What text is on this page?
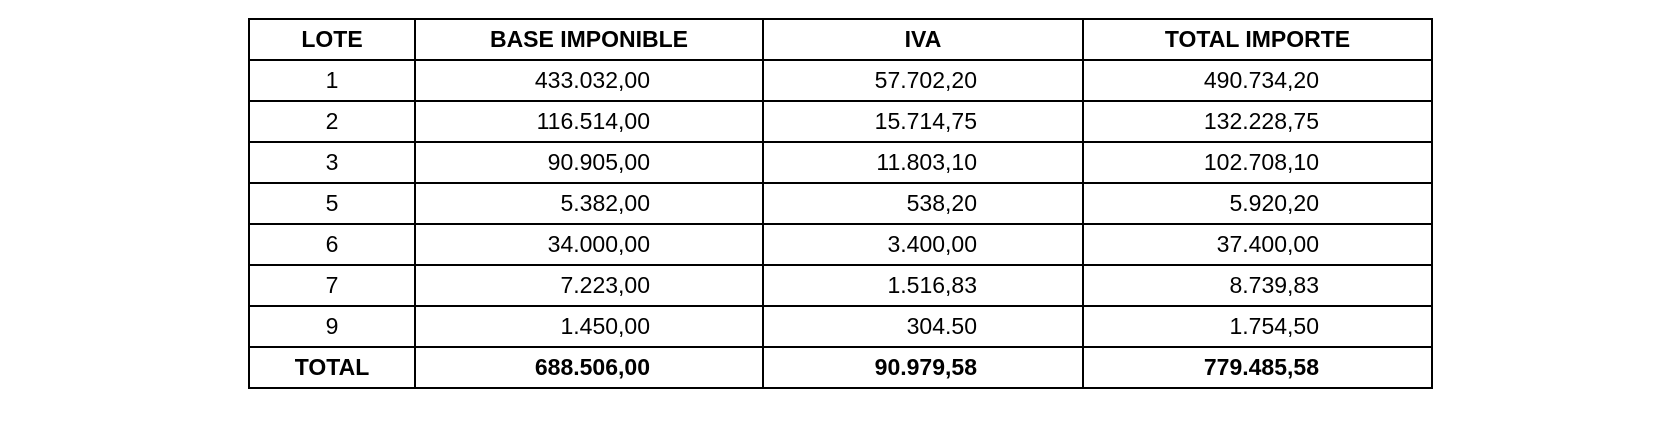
LOTE	BASE IMPONIBLE	IVA	TOTAL IMPORTE
1	433.032,00	57.702,20	490.734,20
2	116.514,00	15.714,75	132.228,75
3	90.905,00	11.803,10	102.708,10
5	5.382,00	538,20	5.920,20
6	34.000,00	3.400,00	37.400,00
7	7.223,00	1.516,83	8.739,83
9	1.450,00	304.50	1.754,50
TOTAL	688.506,00	90.979,58	779.485,58
